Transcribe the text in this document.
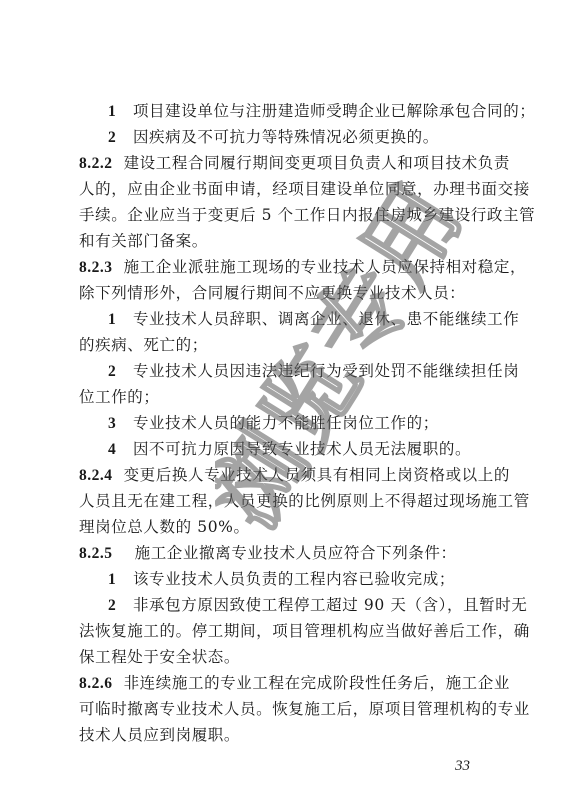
1 项目建设单位与注册建造师受聘企业已解除承包合同的；
2 因疾病及不可抗力等特殊情况必须更换的。
8.2.2 建设工程合同履行期间变更项目负责人和项目技术负责
人的，应由企业书面申请，经项目建设单位同意，办理书面交接
手续。企业应当于变更后 5 个工作日内报住房城乡建设行政主管
和有关部门备案。
8.2.3 施工企业派驻施工现场的专业技术人员应保持相对稳定，
除下列情形外，合同履行期间不应更换专业技术人员：
1 专业技术人员辞职、调离企业、退休、患不能继续工作
的疾病、死亡的；
2 专业技术人员因违法违纪行为受到处罚不能继续担任岗
位工作的；
3 专业技术人员的能力不能胜任岗位工作的；
4 因不可抗力原因导致专业技术人员无法履职的。
8.2.4 变更后换人专业技术人员须具有相同上岗资格或以上的
人员且无在建工程，人员更换的比例原则上不得超过现场施工管
理岗位总人数的 50%。
8.2.5 施工企业撤离专业技术人员应符合下列条件：
1 该专业技术人员负责的工程内容已验收完成；
2 非承包方原因致使工程停工超过 90 天（含），且暂时无
法恢复施工的。停工期间，项目管理机构应当做好善后工作，确
保工程处于安全状态。
8.2.6 非连续施工的专业工程在完成阶段性任务后，施工企业
可临时撤离专业技术人员。恢复施工后，原项目管理机构的专业
技术人员应到岗履职。
33
浏览专用
